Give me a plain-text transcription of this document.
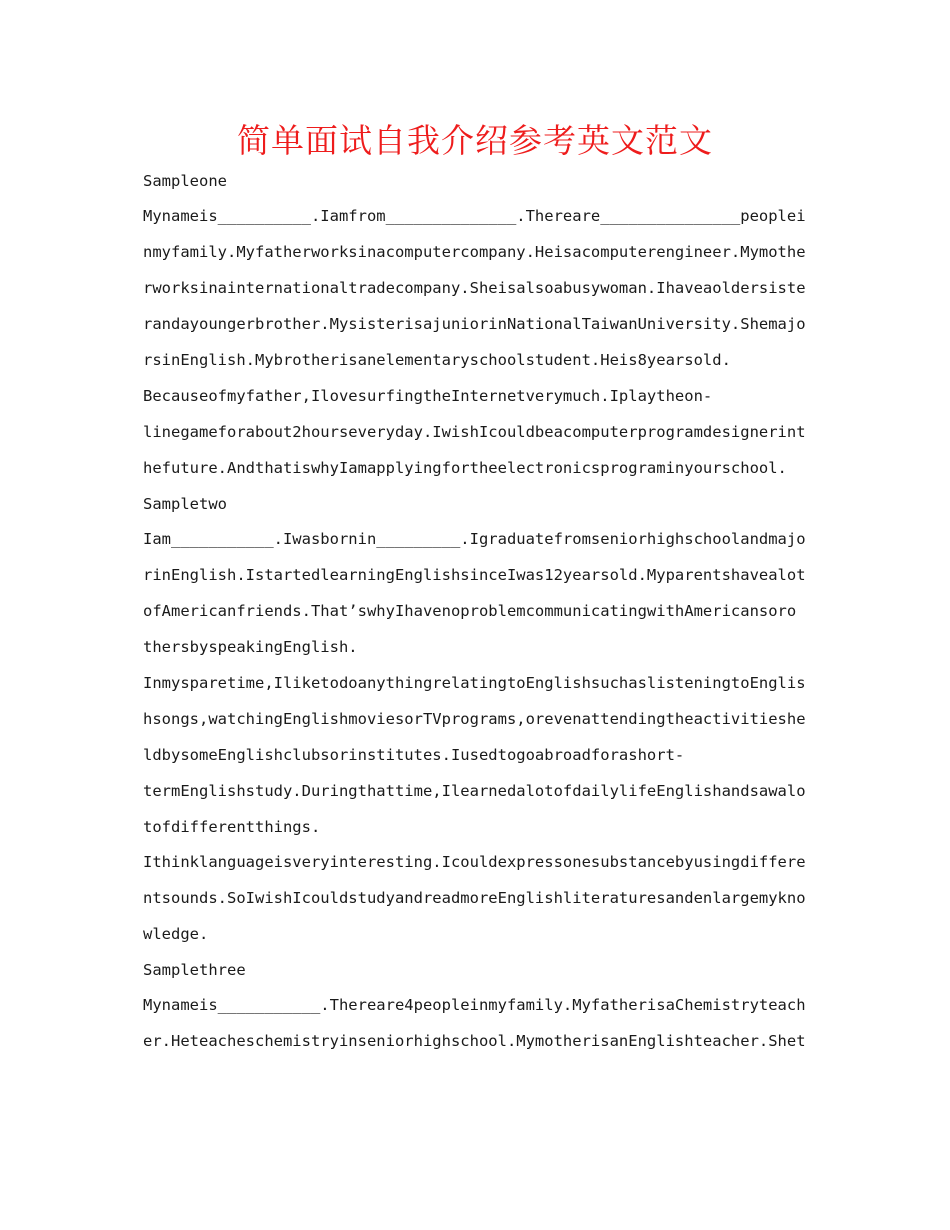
简单面试自我介绍参考英文范文
Sampleone
Mynameis__________.Iamfrom______________.Thereare_______________peoplei
nmyfamily.Myfatherworksinacomputercompany.Heisacomputerengineer.Mymothe
rworksinainternationaltradecompany.Sheisalsoabusywoman.Ihaveaoldersiste
randayoungerbrother.MysisterisajuniorinNationalTaiwanUniversity.Shemajo
rsinEnglish.Mybrotherisanelementaryschoolstudent.Heis8yearsold.
Becauseofmyfather,IlovesurfingtheInternetverymuch.Iplaytheon-
linegameforabout2hourseveryday.IwishIcouldbeacomputerprogramdesignerint
hefuture.AndthatiswhyIamapplyingfortheelectronicsprograminyourschool.
Sampletwo
Iam___________.Iwasbornin_________.Igraduatefromseniorhighschoolandmajo
rinEnglish.IstartedlearningEnglishsinceIwas12yearsold.Myparentshavealot
ofAmericanfriends.That’swhyIhavenoproblemcommunicatingwithAmericansoro
thersbyspeakingEnglish.
Inmysparetime,IliketodoanythingrelatingtoEnglishsuchaslisteningtoEnglis
hsongs,watchingEnglishmoviesorTVprograms,orevenattendingtheactivitieshe
ldbysomeEnglishclubsorinstitutes.Iusedtogoabroadforashort-
termEnglishstudy.Duringthattime,IlearnedalotofdailylifeEnglishandsawalo
tofdifferentthings.
Ithinklanguageisveryinteresting.Icouldexpressonesubstancebyusingdiffere
ntsounds.SoIwishIcouldstudyandreadmoreEnglishliteraturesandenlargemykno
wledge.
Samplethree
Mynameis___________.Thereare4peopleinmyfamily.MyfatherisaChemistryteach
er.Heteacheschemistryinseniorhighschool.MymotherisanEnglishteacher.Shet
